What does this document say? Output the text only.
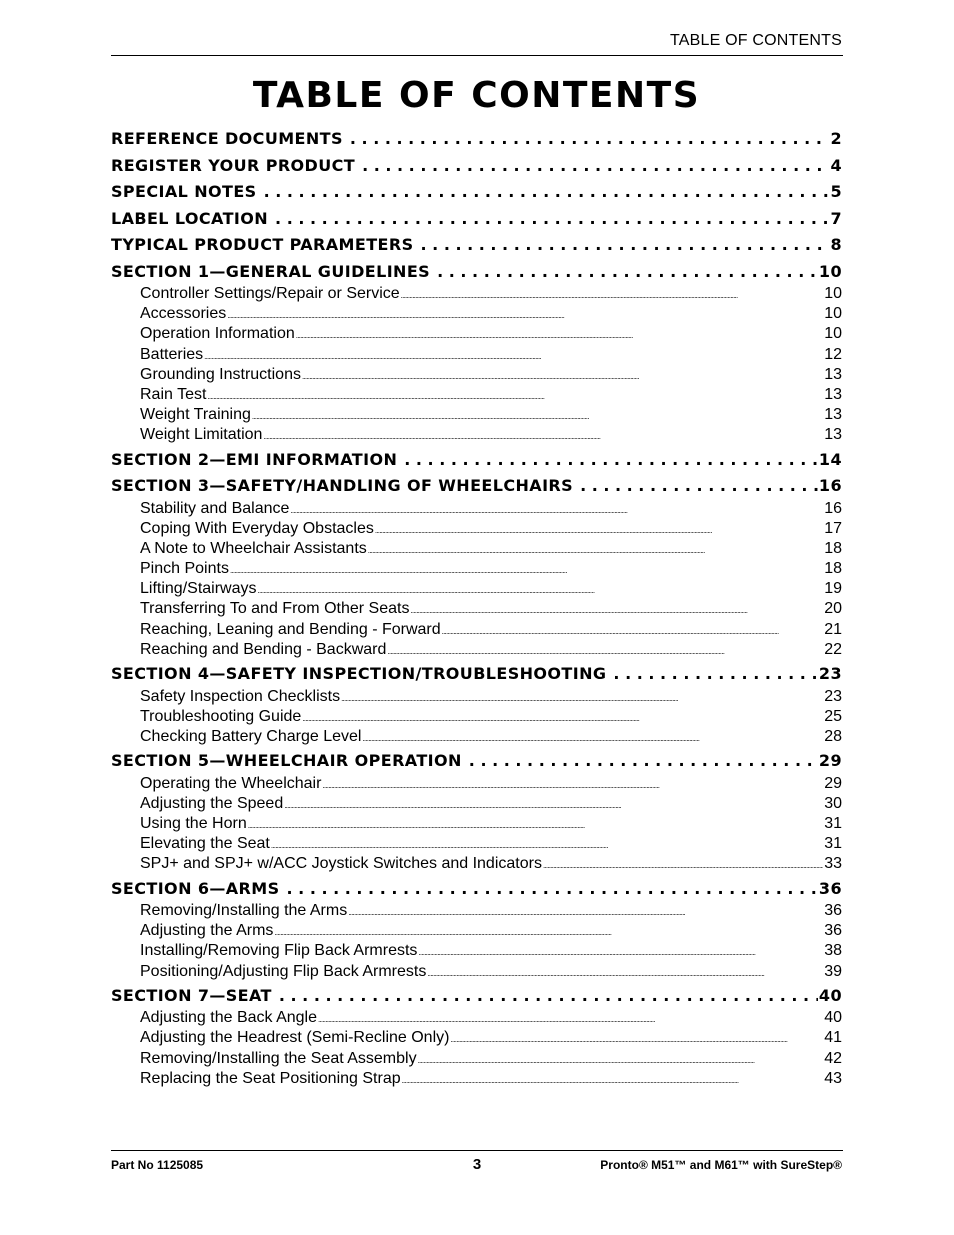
TABLE OF CONTENTS
TABLE OF CONTENTS
REFERENCE DOCUMENTS . . .	2
REGISTER YOUR PRODUCT . . .	4
SPECIAL NOTES . . .	5
LABEL LOCATION . . .	7
TYPICAL PRODUCT PARAMETERS . . .	8
SECTION 1—GENERAL GUIDELINES . . .	10
Controller Settings/Repair or Service . . .	10
Accessories . . .	10
Operation Information . . .	10
Batteries . . .	12
Grounding Instructions . . .	13
Rain Test . . .	13
Weight Training . . .	13
Weight Limitation . . .	13
SECTION 2—EMI INFORMATION . . .	14
SECTION 3—SAFETY/HANDLING OF WHEELCHAIRS . . .	16
Stability and Balance . . .	16
Coping With Everyday Obstacles . . .	17
A Note to Wheelchair Assistants . . .	18
Pinch Points . . .	18
Lifting/Stairways . . .	19
Transferring To and From Other Seats . . .	20
Reaching, Leaning and Bending - Forward . . .	21
Reaching and Bending - Backward . . .	22
SECTION 4—SAFETY INSPECTION/TROUBLESHOOTING . . .	23
Safety Inspection Checklists . . .	23
Troubleshooting Guide . . .	25
Checking Battery Charge Level . . .	28
SECTION 5—WHEELCHAIR OPERATION . . .	29
Operating the Wheelchair . . .	29
Adjusting the Speed . . .	30
Using the Horn . . .	31
Elevating the Seat . . .	31
SPJ+ and SPJ+ w/ACC Joystick Switches and Indicators . . .	33
SECTION 6—ARMS . . .	36
Removing/Installing the Arms . . .	36
Adjusting the Arms . . .	36
Installing/Removing Flip Back Armrests . . .	38
Positioning/Adjusting Flip Back Armrests . . .	39
SECTION 7—SEAT . . .	40
Adjusting the Back Angle . . .	40
Adjusting the Headrest (Semi-Recline Only) . . .	41
Removing/Installing the Seat Assembly . . .	42
Replacing the Seat Positioning Strap . . .	43
Part No 1125085	3	Pronto® M51™ and M61™ with SureStep®
